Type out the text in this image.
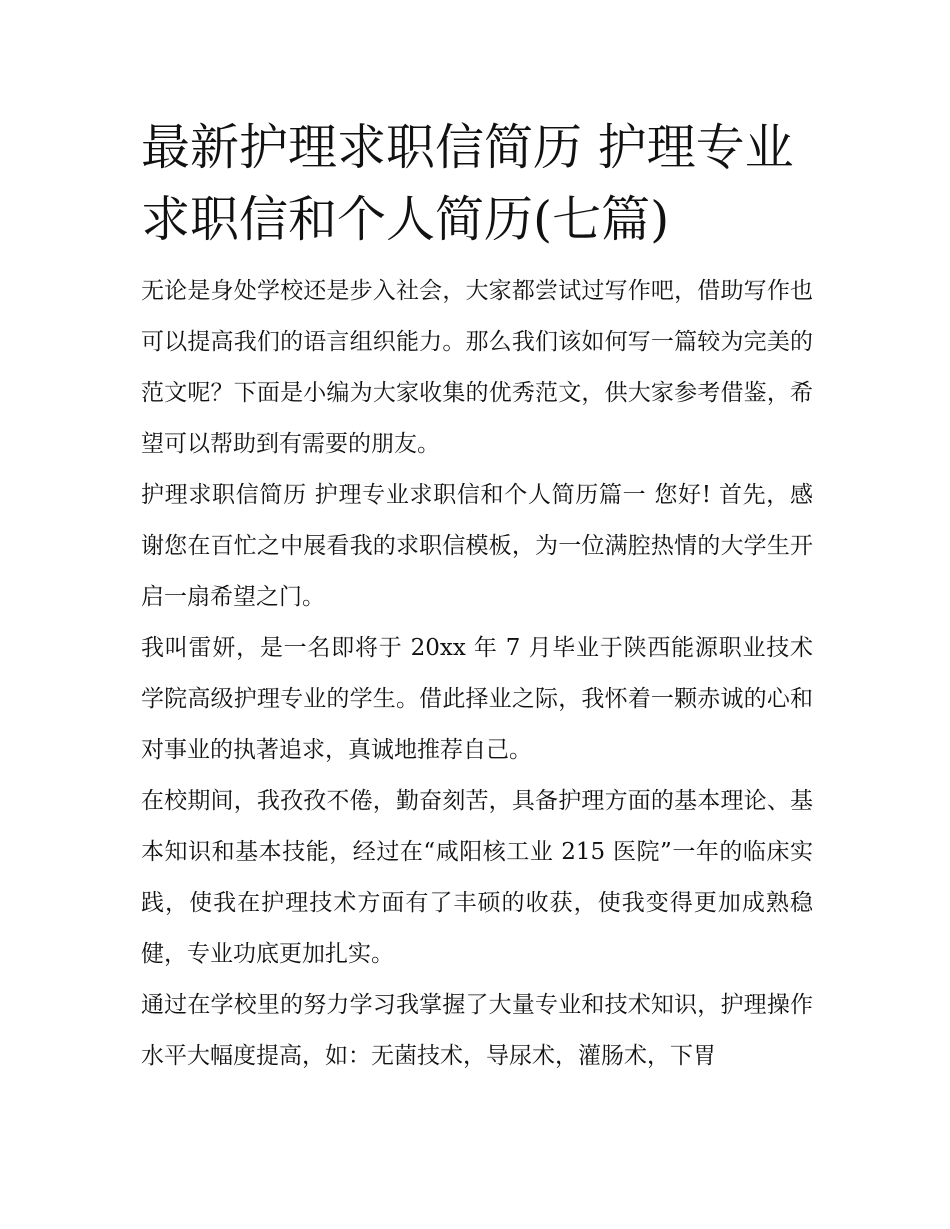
最新护理求职信简历 护理专业求职信和个人简历(七篇)

无论是身处学校还是步入社会，大家都尝试过写作吧，借助写作也可以提高我们的语言组织能力。那么我们该如何写一篇较为完美的范文呢？下面是小编为大家收集的优秀范文，供大家参考借鉴，希望可以帮助到有需要的朋友。

护理求职信简历 护理专业求职信和个人简历篇一 您好! 首先，感谢您在百忙之中展看我的求职信模板，为一位满腔热情的大学生开启一扇希望之门。

我叫雷妍，是一名即将于 20xx 年 7 月毕业于陕西能源职业技术学院高级护理专业的学生。借此择业之际，我怀着一颗赤诚的心和对事业的执著追求，真诚地推荐自己。

在校期间，我孜孜不倦，勤奋刻苦，具备护理方面的基本理论、基本知识和基本技能，经过在“咸阳核工业 215 医院”一年的临床实践，使我在护理技术方面有了丰硕的收获，使我变得更加成熟稳健，专业功底更加扎实。

通过在学校里的努力学习我掌握了大量专业和技术知识，护理操作水平大幅度提高，如：无菌技术，导尿术，灌肠术，下胃
